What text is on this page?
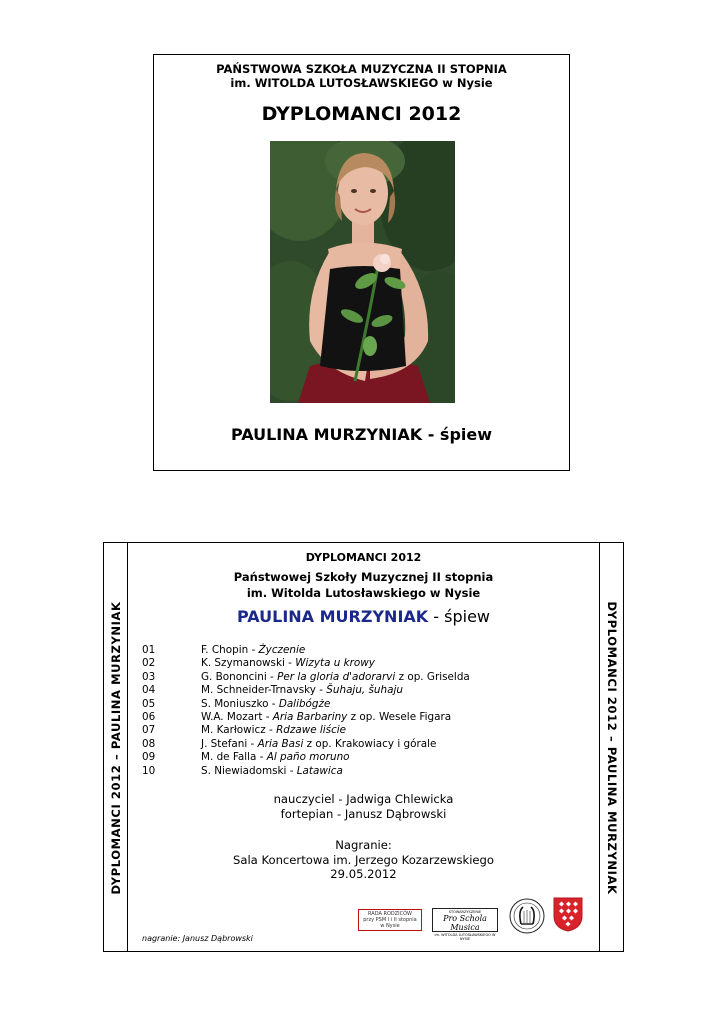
PAŃSTWOWA SZKOŁA MUZYCZNA II STOPNIA
im. WITOLDA LUTOSŁAWSKIEGO w Nysie
DYPLOMANCI 2012
PAULINA MURZYNIAK - śpiew
DYPLOMANCI 2012 – PAULINA MURZYNIAK	DYPLOMANCI 2012 – PAULINA MURZYNIAK
DYPLOMANCI 2012
Państwowej Szkoły Muzycznej II stopnia
im. Witolda Lutosławskiego w Nysie
PAULINA MURZYNIAK - śpiew
01	F. Chopin - Życzenie
02	K. Szymanowski - Wizyta u krowy
03	G. Bononcini - Per la gloria d'adorarvi z op. Griselda
04	M. Schneider-Trnavsky - Šuhaju, šuhaju
05	S. Moniuszko - Dalibógże
06	W.A. Mozart - Aria Barbariny z op. Wesele Figara
07	M. Karłowicz - Rdzawe liście
08	J. Stefani - Aria Basi z op. Krakowiacy i górale
09	M. de Falla - Al paño moruno
10	S. Niewiadomski - Latawica
nauczyciel - Jadwiga Chlewicka
fortepian - Janusz Dąbrowski
Nagranie:
Sala Koncertowa im. Jerzego Kozarzewskiego
29.05.2012
RADA RODZICÓW
przy PSM I i II stopnia
w Nysie
STOWARZYSZENIE
Pro Schola Musica
im. WITOLDA LUTOSŁAWSKIEGO W NYSIE
nagranie: Janusz Dąbrowski
